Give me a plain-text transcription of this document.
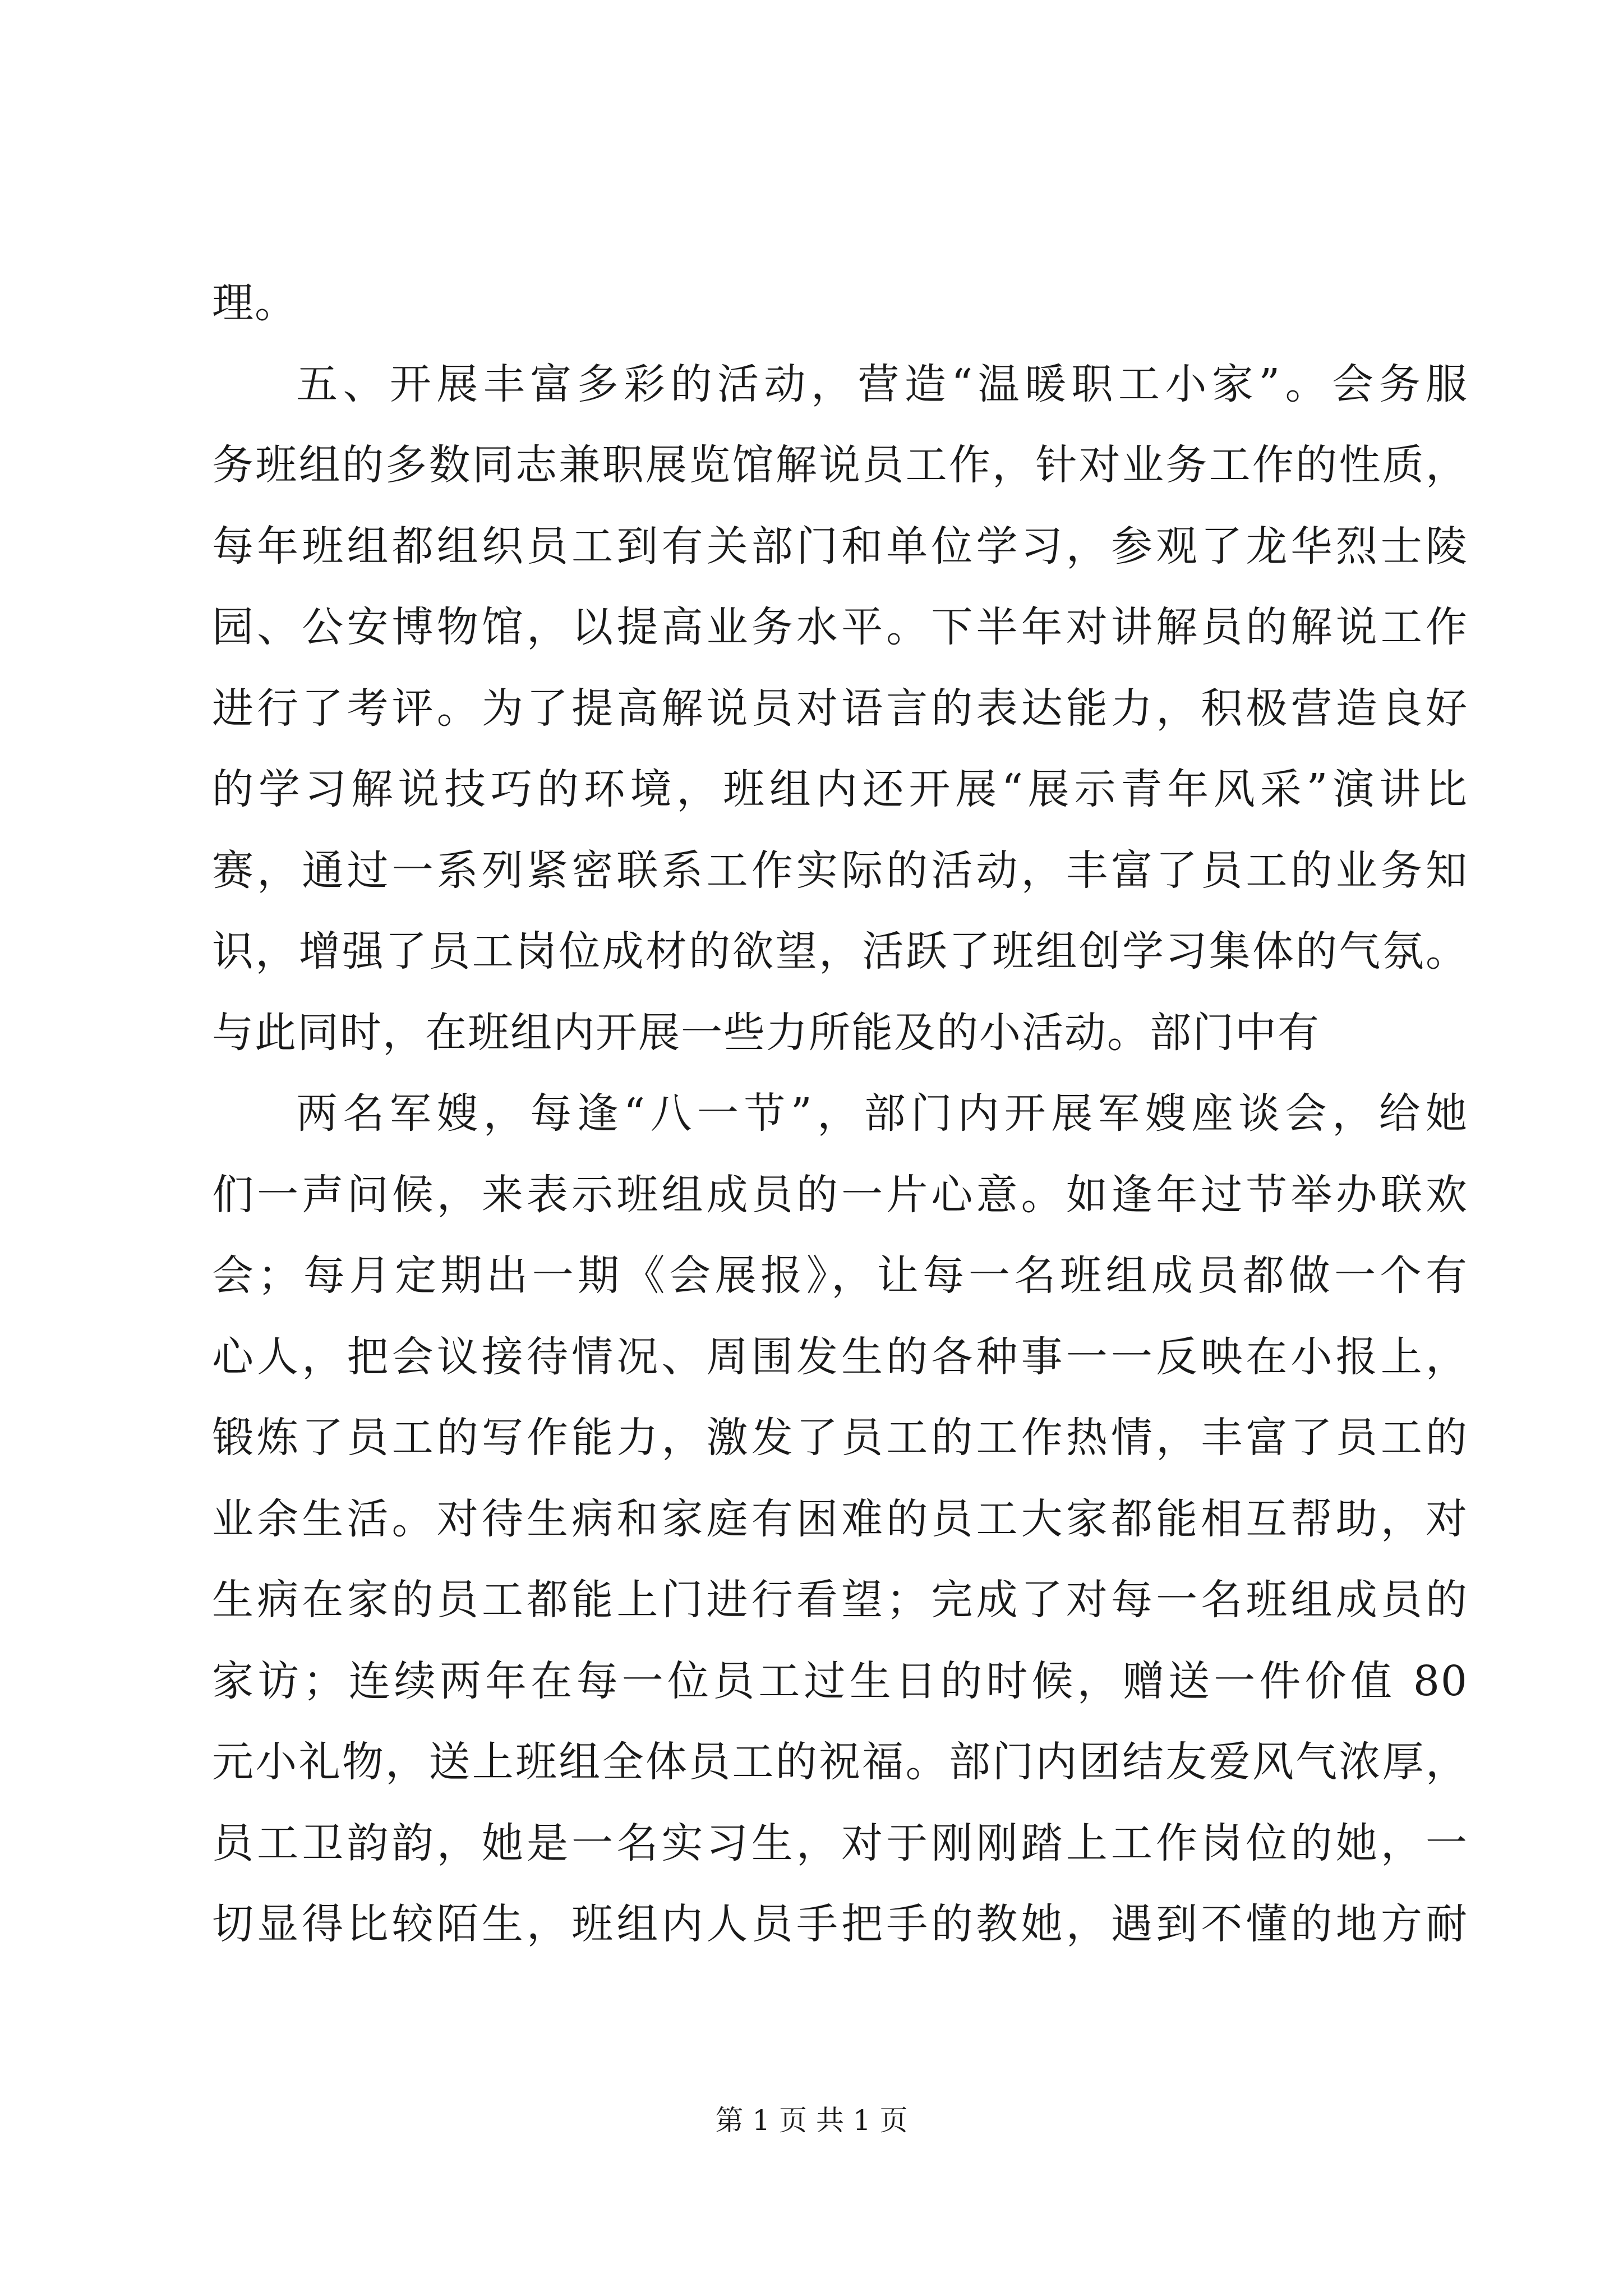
理。
五、开展丰富多彩的活动，营造“温暖职工小家”。会务服
务班组的多数同志兼职展览馆解说员工作，针对业务工作的性质，
每年班组都组织员工到有关部门和单位学习，参观了龙华烈士陵
园、公安博物馆，以提高业务水平。下半年对讲解员的解说工作
进行了考评。为了提高解说员对语言的表达能力，积极营造良好
的学习解说技巧的环境，班组内还开展“展示青年风采”演讲比
赛，通过一系列紧密联系工作实际的活动，丰富了员工的业务知
识，增强了员工岗位成材的欲望，活跃了班组创学习集体的气氛。
与此同时，在班组内开展一些力所能及的小活动。部门中有
两名军嫂，每逢“八一节”，部门内开展军嫂座谈会，给她
们一声问候，来表示班组成员的一片心意。如逢年过节举办联欢
会；每月定期出一期《会展报》，让每一名班组成员都做一个有
心人，把会议接待情况、周围发生的各种事一一反映在小报上，
锻炼了员工的写作能力，激发了员工的工作热情，丰富了员工的
业余生活。对待生病和家庭有困难的员工大家都能相互帮助，对
生病在家的员工都能上门进行看望；完成了对每一名班组成员的
家访；连续两年在每一位员工过生日的时候，赠送一件价值 80
元小礼物，送上班组全体员工的祝福。部门内团结友爱风气浓厚，
员工卫韵韵，她是一名实习生，对于刚刚踏上工作岗位的她，一
切显得比较陌生，班组内人员手把手的教她，遇到不懂的地方耐
第 1 页 共 1 页
